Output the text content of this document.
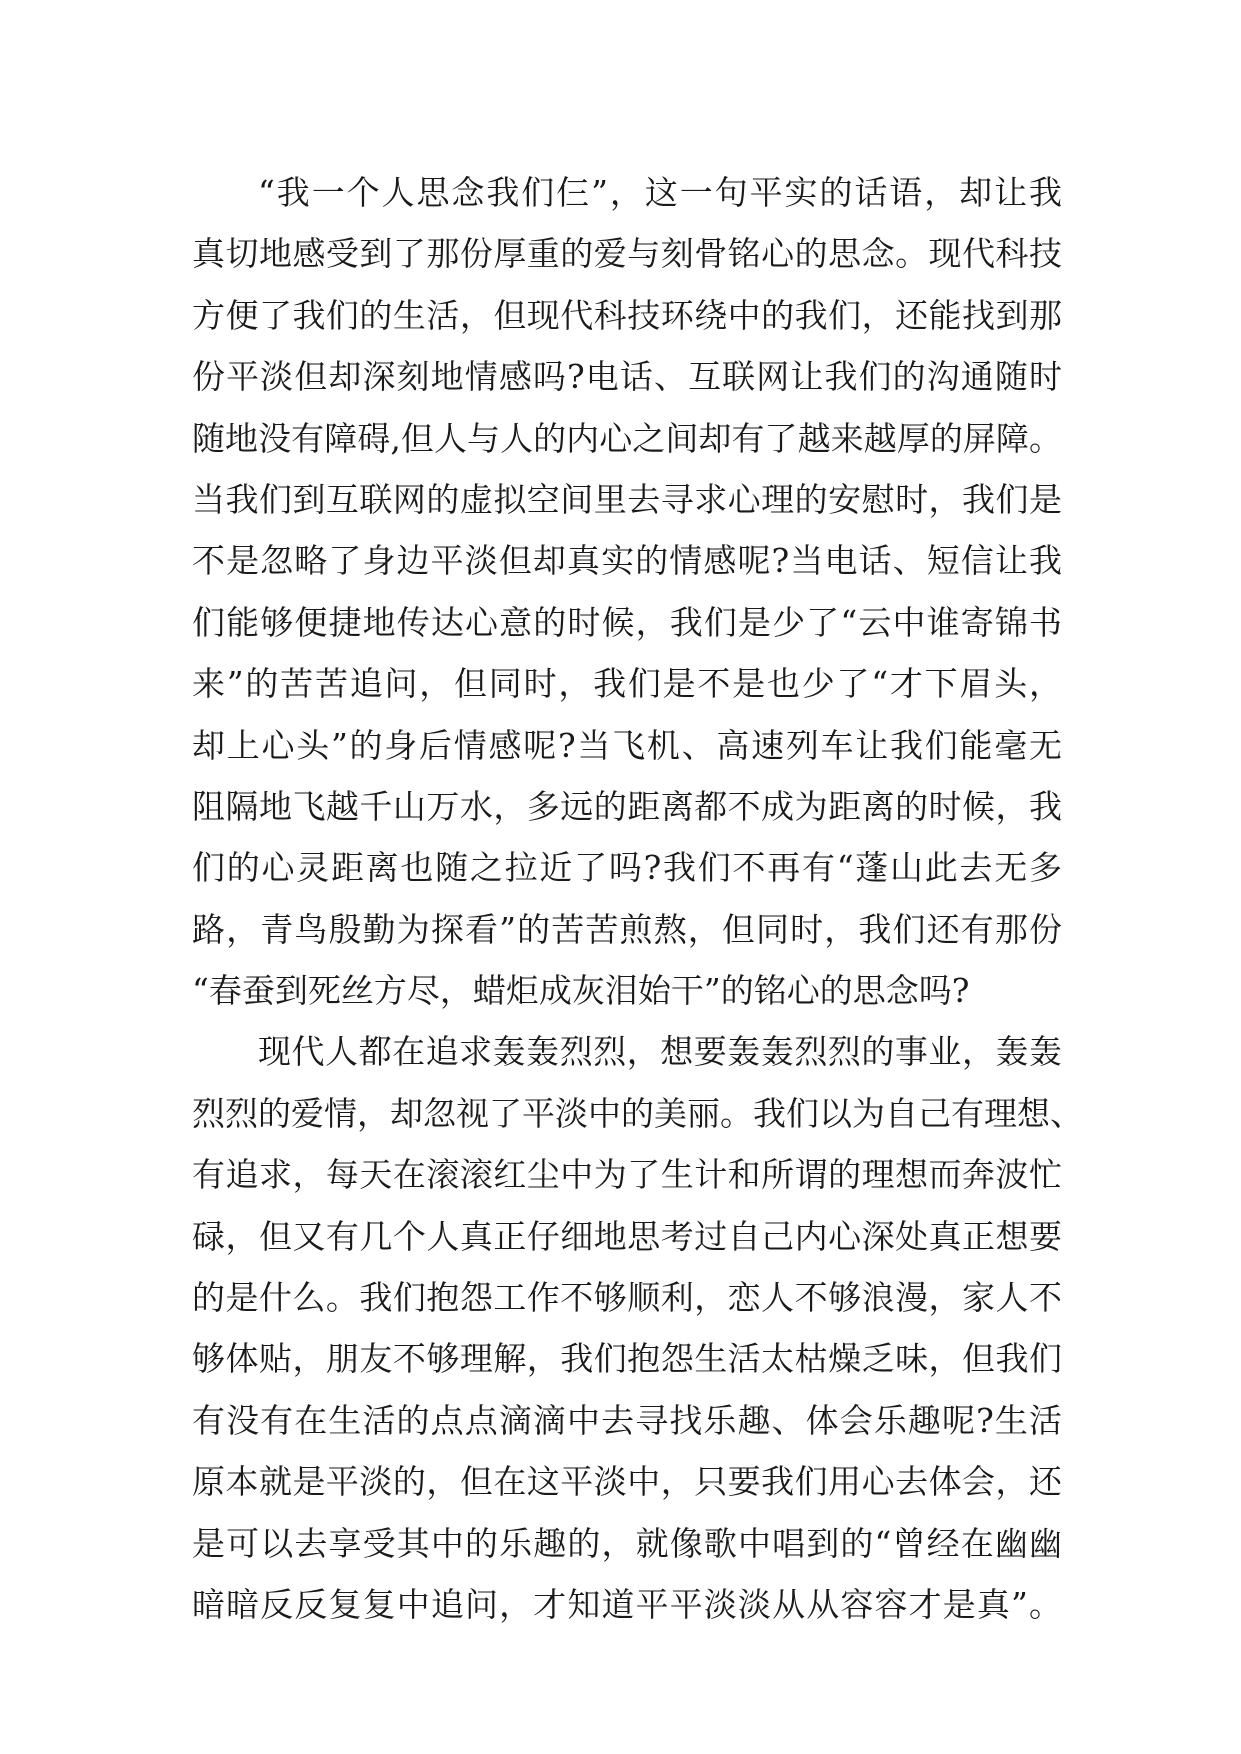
“我一个人思念我们仨”，这一句平实的话语，却让我
真切地感受到了那份厚重的爱与刻骨铭心的思念。现代科技
方便了我们的生活，但现代科技环绕中的我们，还能找到那
份平淡但却深刻地情感吗?电话、互联网让我们的沟通随时
随地没有障碍,但人与人的内心之间却有了越来越厚的屏障。
当我们到互联网的虚拟空间里去寻求心理的安慰时，我们是
不是忽略了身边平淡但却真实的情感呢?当电话、短信让我
们能够便捷地传达心意的时候，我们是少了“云中谁寄锦书
来”的苦苦追问，但同时，我们是不是也少了“才下眉头，
却上心头”的身后情感呢?当飞机、高速列车让我们能毫无
阻隔地飞越千山万水，多远的距离都不成为距离的时候，我
们的心灵距离也随之拉近了吗?我们不再有“蓬山此去无多
路，青鸟殷勤为探看”的苦苦煎熬，但同时，我们还有那份
“春蚕到死丝方尽，蜡炬成灰泪始干”的铭心的思念吗?
现代人都在追求轰轰烈烈，想要轰轰烈烈的事业，轰轰
烈烈的爱情，却忽视了平淡中的美丽。我们以为自己有理想、
有追求，每天在滚滚红尘中为了生计和所谓的理想而奔波忙
碌，但又有几个人真正仔细地思考过自己内心深处真正想要
的是什么。我们抱怨工作不够顺利，恋人不够浪漫，家人不
够体贴，朋友不够理解，我们抱怨生活太枯燥乏味，但我们
有没有在生活的点点滴滴中去寻找乐趣、体会乐趣呢?生活
原本就是平淡的，但在这平淡中，只要我们用心去体会，还
是可以去享受其中的乐趣的，就像歌中唱到的“曾经在幽幽
暗暗反反复复中追问，才知道平平淡淡从从容容才是真”。
